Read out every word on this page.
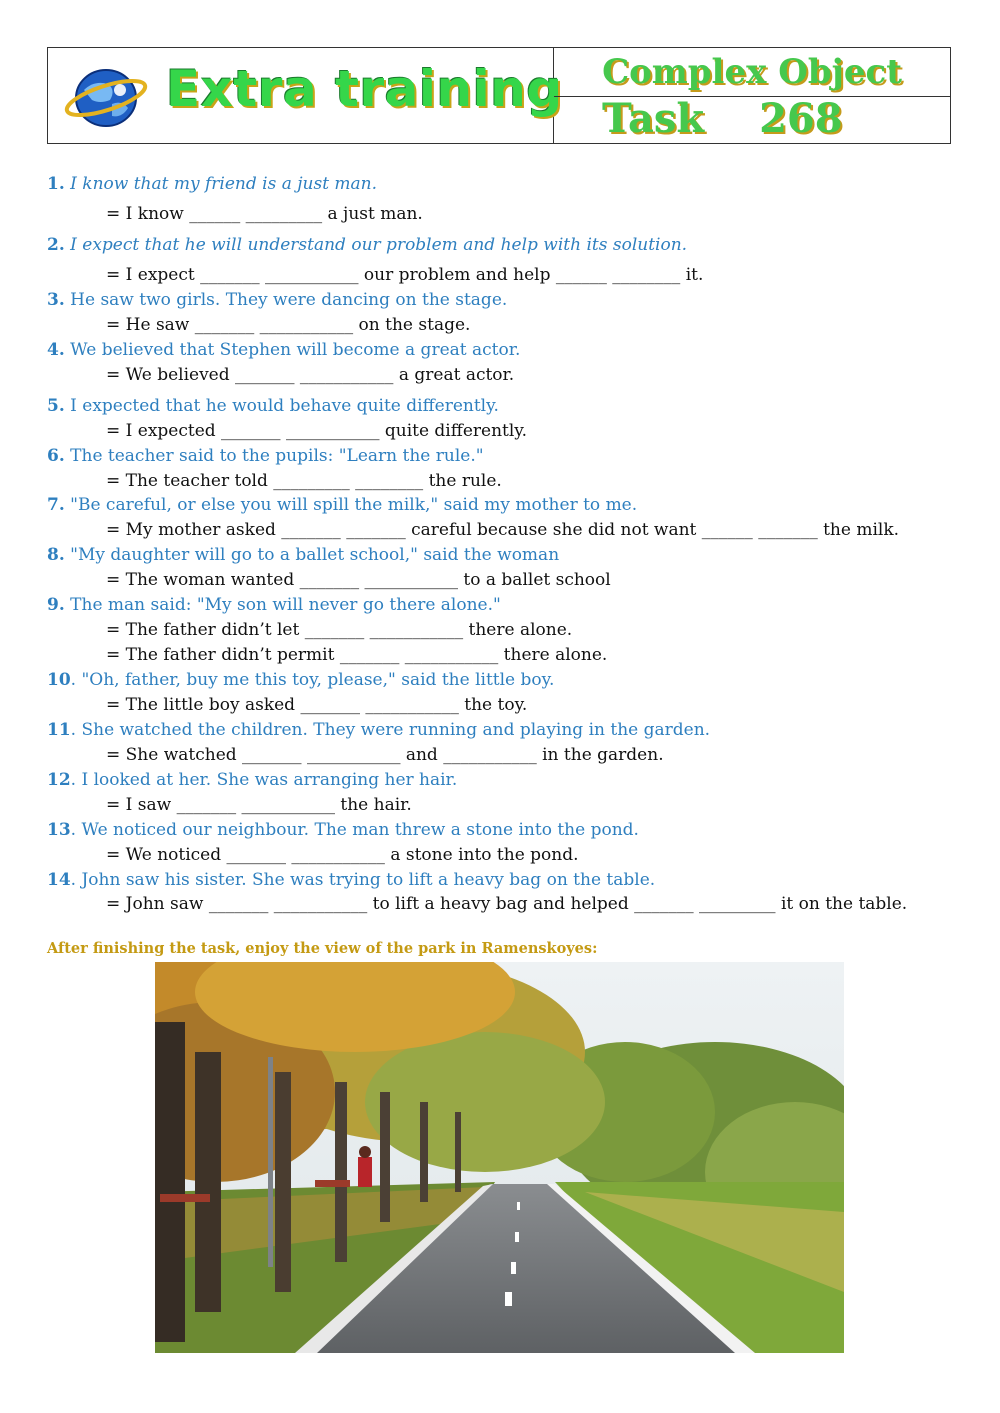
Extra training	Complex Object
Task 268
1. I know that my friend is a just man.
= I know ______ _________ a just man.
2. I expect that he will understand our problem and help with its solution.
= I expect _______ ___________ our problem and help ______ ________ it.
3. He saw two girls. They were dancing on the stage.
= He saw _______ ___________ on the stage.
4. We believed that Stephen will become a great actor.
= We believed _______ ___________ a great actor.
5. I expected that he would behave quite differently.
= I expected _______ ___________ quite differently.
6. The teacher said to the pupils: "Learn the rule."
= The teacher told _________ ________ the rule.
7. "Be careful, or else you will spill the milk," said my mother to me.
= My mother asked _______ _______ careful because she did not want ______ _______ the milk.
8. "My daughter will go to a ballet school," said the woman
= The woman wanted _______ ___________ to a ballet school
9. The man said: "My son will never go there alone."
= The father didn’t let _______ ___________ there alone.
= The father didn’t permit _______ ___________ there alone.
10. "Oh, father, buy me this toy, please," said the little boy.
= The little boy asked _______ ___________ the toy.
11. She watched the children. They were running and playing in the garden.
= She watched _______ ___________ and ___________ in the garden.
12. I looked at her. She was arranging her hair.
= I saw _______ ___________ the hair.
13. We noticed our neighbour. The man threw a stone into the pond.
= We noticed _______ ___________ a stone into the pond.
14. John saw his sister. She was trying to lift a heavy bag on the table.
= John saw _______ ___________ to lift a heavy bag and helped _______ _________ it on the table.
After finishing the task, enjoy the view of the park in Ramenskoyes:
